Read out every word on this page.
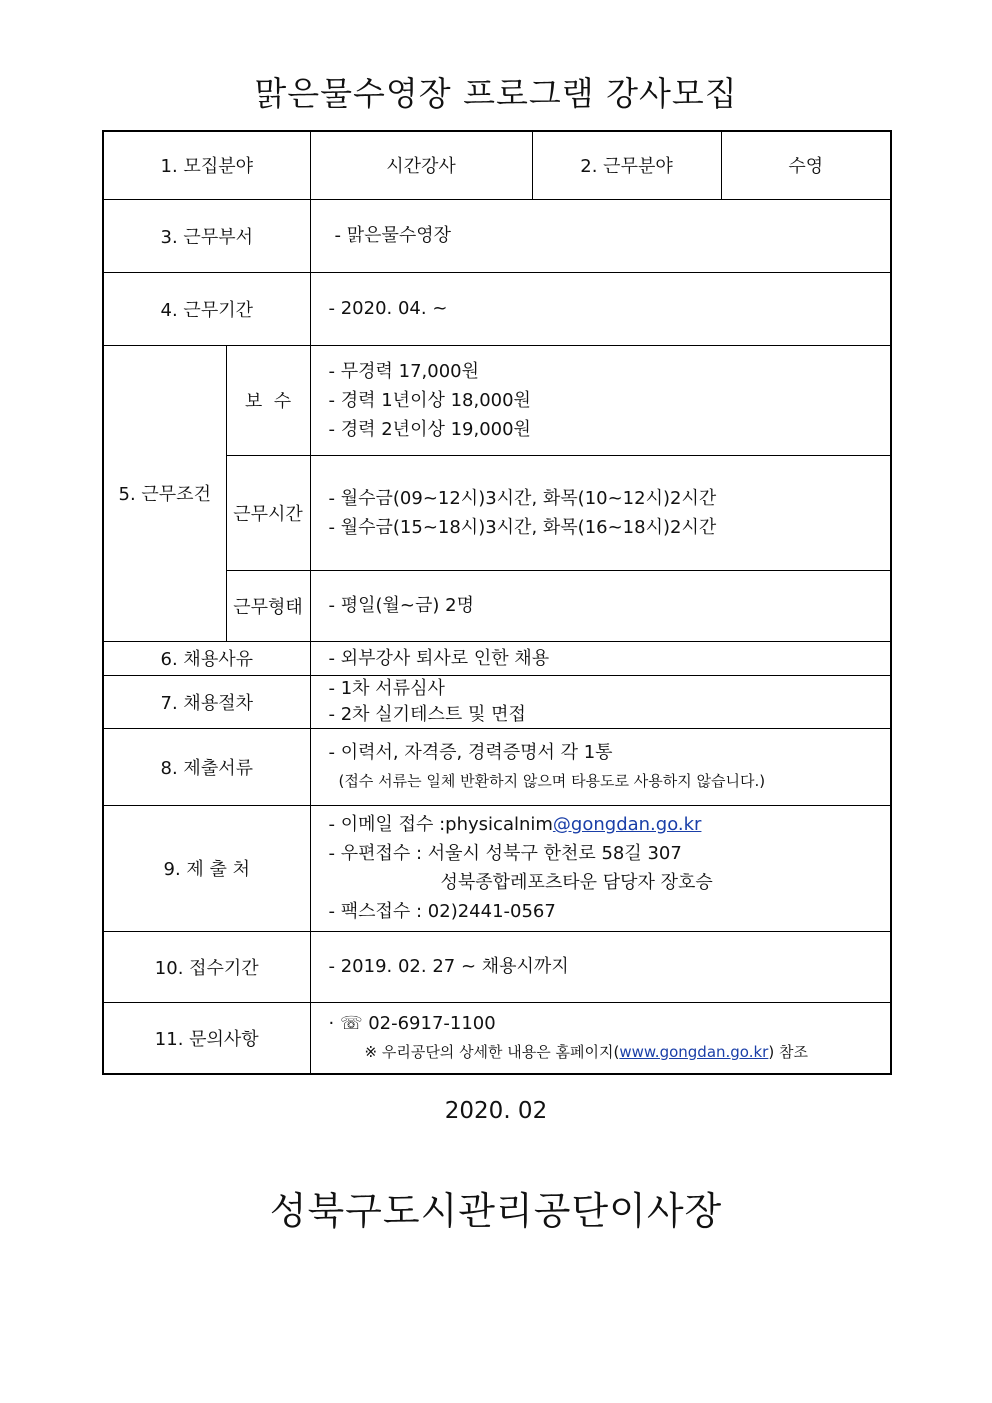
맑은물수영장 프로그램 강사모집
1. 모집분야		시간강사	2. 근무분야	수영
3. 근무부서		- 맑은물수영장		
4. 근무기간		- 2020. 04. ~		
5. 근무조건	보  수	- 무경력 17,000원
- 경력 1년이상 18,000원
- 경력 2년이상 19,000원		

	근무시간	- 월수금(09~12시)3시간, 화목(10~12시)2시간
- 월수금(15~18시)3시간, 화목(16~18시)2시간		

	근무형태	- 평일(월~금) 2명		
6. 채용사유		- 외부강사 퇴사로 인한 채용		
7. 채용절차		- 1차 서류심사
- 2차 실기테스트 및 면접		

8. 제출서류		- 이력서, 자격증, 경력증명서 각 1통
(접수 서류는 일체 반환하지 않으며 타용도로 사용하지 않습니다.)		

9. 제 출 처		- 이메일 접수 :physicalnim@gongdan.go.kr
- 우편접수 : 서울시 성북구 한천로 58길 307
성북종합레포츠타운 담당자 장호승
- 팩스접수 : 02)2441-0567		

10. 접수기간		- 2019. 02. 27 ~ 채용시까지		
11. 문의사항		· ☏ 02-6917-1100
※ 우리공단의 상세한 내용은 홈페이지(www.gongdan.go.kr) 참조		
2020. 02
성북구도시관리공단이사장
